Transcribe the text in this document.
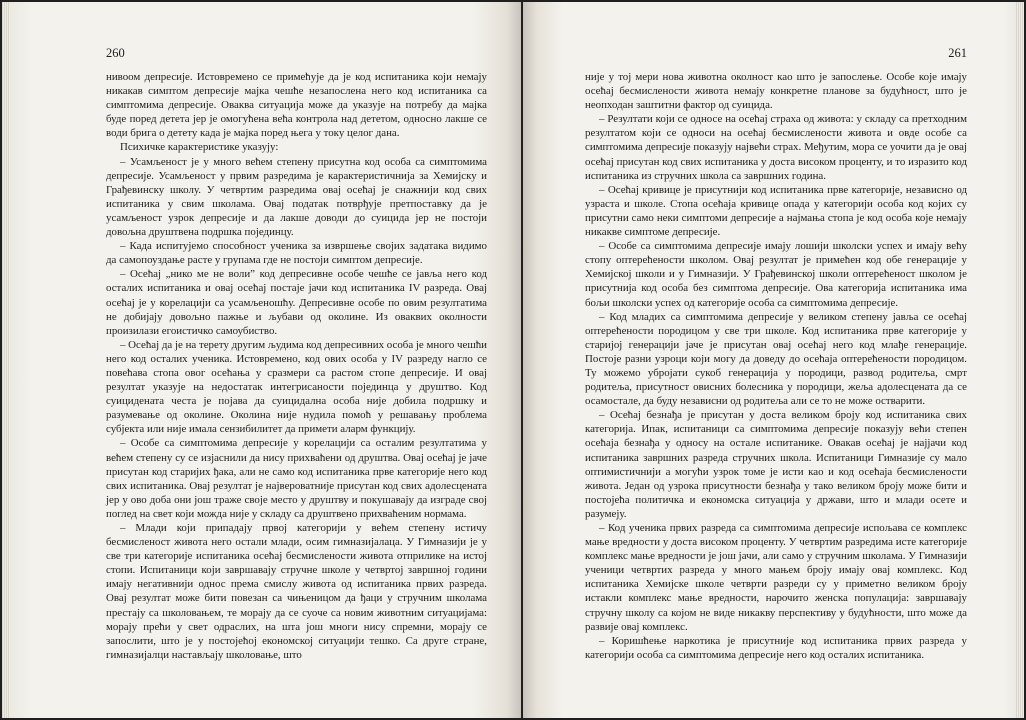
260

нивоом депресије. Истовремено се примећује да је код испитаника који немају никакав симптом депресије мајка чешће незапослена него код испитаника са симптомима депресије. Оваква ситуација може да указује на потребу да мајка буде поред детета јер је омогућена већа контрола над дететом, односно лакше се води брига о детету када је мајка поред њега у току целог дана.

Психичке карактеристике указују:

– Усамљеност је у много већем степену присутна код особа са симптомима депресије. Усамљеност у првим разредима је карактеристичнија за Хемијску и Грађевинску школу. У четвртим разредима овај осећај је снажнији код свих испитаника у свим школама. Овај податак потврђује претпоставку да је усамљеност узрок депресије и да лакше доводи до суицида јер не постоји довољна друштвена подршка појединцу.

– Када испитујемо способност ученика за извршење својих задатака видимо да самопоуздање расте у групама где не постоји симптом депресије.

– Осећај „нико ме не воли” код депресивне особе чешће се јавља него код осталих испитаника и овај осећај постаје јачи код испитаника IV разреда. Овај осећај је у корелацији са усамљеношћу. Депресивне особе по овим резултатима не добијају довољно пажње и љубави од околине. Из оваквих околности произилази егоистичко самоубиство.

– Осећај да је на терету другим људима код депресивних особа је много чешћи него код осталих ученика. Истовремено, код ових особа у IV разреду нагло се повећава стопа овог осећања у сразмери са растом стопе депресије. И овај резултат указује на недостатак интегрисаности појединца у друштво. Код суицидената честа је појава да суицидална особа није добила подршку и разумевање од околине. Околина није нудила помоћ у решавању проблема субјекта или није имала сензибилитет да примети аларм функцију.

– Особе са симптомима депресије у корелацији са осталим резултатима у већем степену су се изјаснили да нису прихваћени од друштва. Овај осећај је јаче присутан код старијих ђака, али не само код испитаника прве категорије него код свих испитаника. Овај резултат је највероватније присутан код свих адолесцената јер у ово доба они још траже своје место у друштву и покушавају да изграде свој поглед на свет који можда није у складу са друштвено прихваћеним нормама.

– Млади који припадају првој категорији у већем степену истичу бесмисленост живота него остали млади, осим гимназијалаца. У Гимназији је у све три категорије испитаника осећај бесмислености живота отприлике на истој стопи. Испитаници који завршавају стручне школе у четвртој завршној години имају негативнији однос према смислу живота од испитаника првих разреда. Овај резултат може бити повезан са чињеницом да ђаци у стручним школама престају са школовањем, те морају да се суоче са новим животним ситуацијама: морају прећи у свет одраслих, на шта још многи нису спремни, морају се запослити, што је у постојећој економској ситуацији тешко. Са друге стране, гимназијалци настављају школовање, што

261

није у тој мери нова животна околност као што је запослење. Особе које имају осећај бесмислености живота немају конкретне планове за будућност, што је неопходан заштитни фактор од суицида.

– Резултати који се односе на осећај страха од живота: у складу са претходним резултатом који се односи на осећај бесмислености живота и овде особе са симптомима депресије показују највећи страх. Међутим, мора се уочити да је овај осећај присутан код свих испитаника у доста високом проценту, и то изразито код испитаника из стручних школа са завршних година.

– Осећај кривице је присутнији код испитаника прве категорије, независно од узраста и школе. Стопа осећаја кривице опада у категорији особа код којих су присутни само неки симптоми депресије а најмања стопа је код особа које немају никакве симптоме депресије.

– Особе са симптомима депресије имају лошији школски успех и имају већу стопу оптерећености школом. Овај резултат је примећен код обе генерације у Хемијској школи и у Гимназији. У Грађевинској школи оптерећеност школом је присутнија код особа без симптома депресије. Ова категорија испитаника има бољи школски успех од категорије особа са симптомима депресије.

– Код младих са симптомима депресије у великом степену јавља се осећај оптерећености породицом у све три школе. Код испитаника прве категорије у старијој генерацији јаче је присутан овај осећај него код млађе генерације. Постоје разни узроци који могу да доведу до осећаја оптерећености породицом. Ту можемо убројати сукоб генерација у породици, развод родитеља, смрт родитеља, присутност овисних болесника у породици, жеља адолесцената да се осамостале, да буду независни од родитеља али се то не може остварити.

– Осећај безнађа је присутан у доста великом броју код испитаника свих категорија. Ипак, испитаници са симптомима депресије показују већи степен осећаја безнађа у односу на остале испитанике. Овакав осећај је најјачи код испитаника завршних разреда стручних школа. Испитаници Гимназије су мало оптимистичнији а могући узрок томе је исти као и код осећаја бесмислености живота. Један од узрока присутности безнађа у тако великом броју може бити и постојећа политичка и економска ситуација у држави, што и млади осете и разумеју.

– Код ученика првих разреда са симптомима депресије испољава се комплекс мање вредности у доста високом проценту. У четвртим разредима исте категорије комплекс мање вредности је још јачи, али само у стручним школама. У Гимназији ученици четвртих разреда у много мањем броју имају овај комплекс. Код испитаника Хемијске школе четврти разреди су у приметно великом броју истакли комплекс мање вредности, нарочито женска популација: завршавају стручну школу са којом не виде никакву перспективу у будућности, што може да развије овај комплекс.

– Коришћење наркотика је присутније код испитаника првих разреда у категорији особа са симптомима депресије него код осталих испитаника.
